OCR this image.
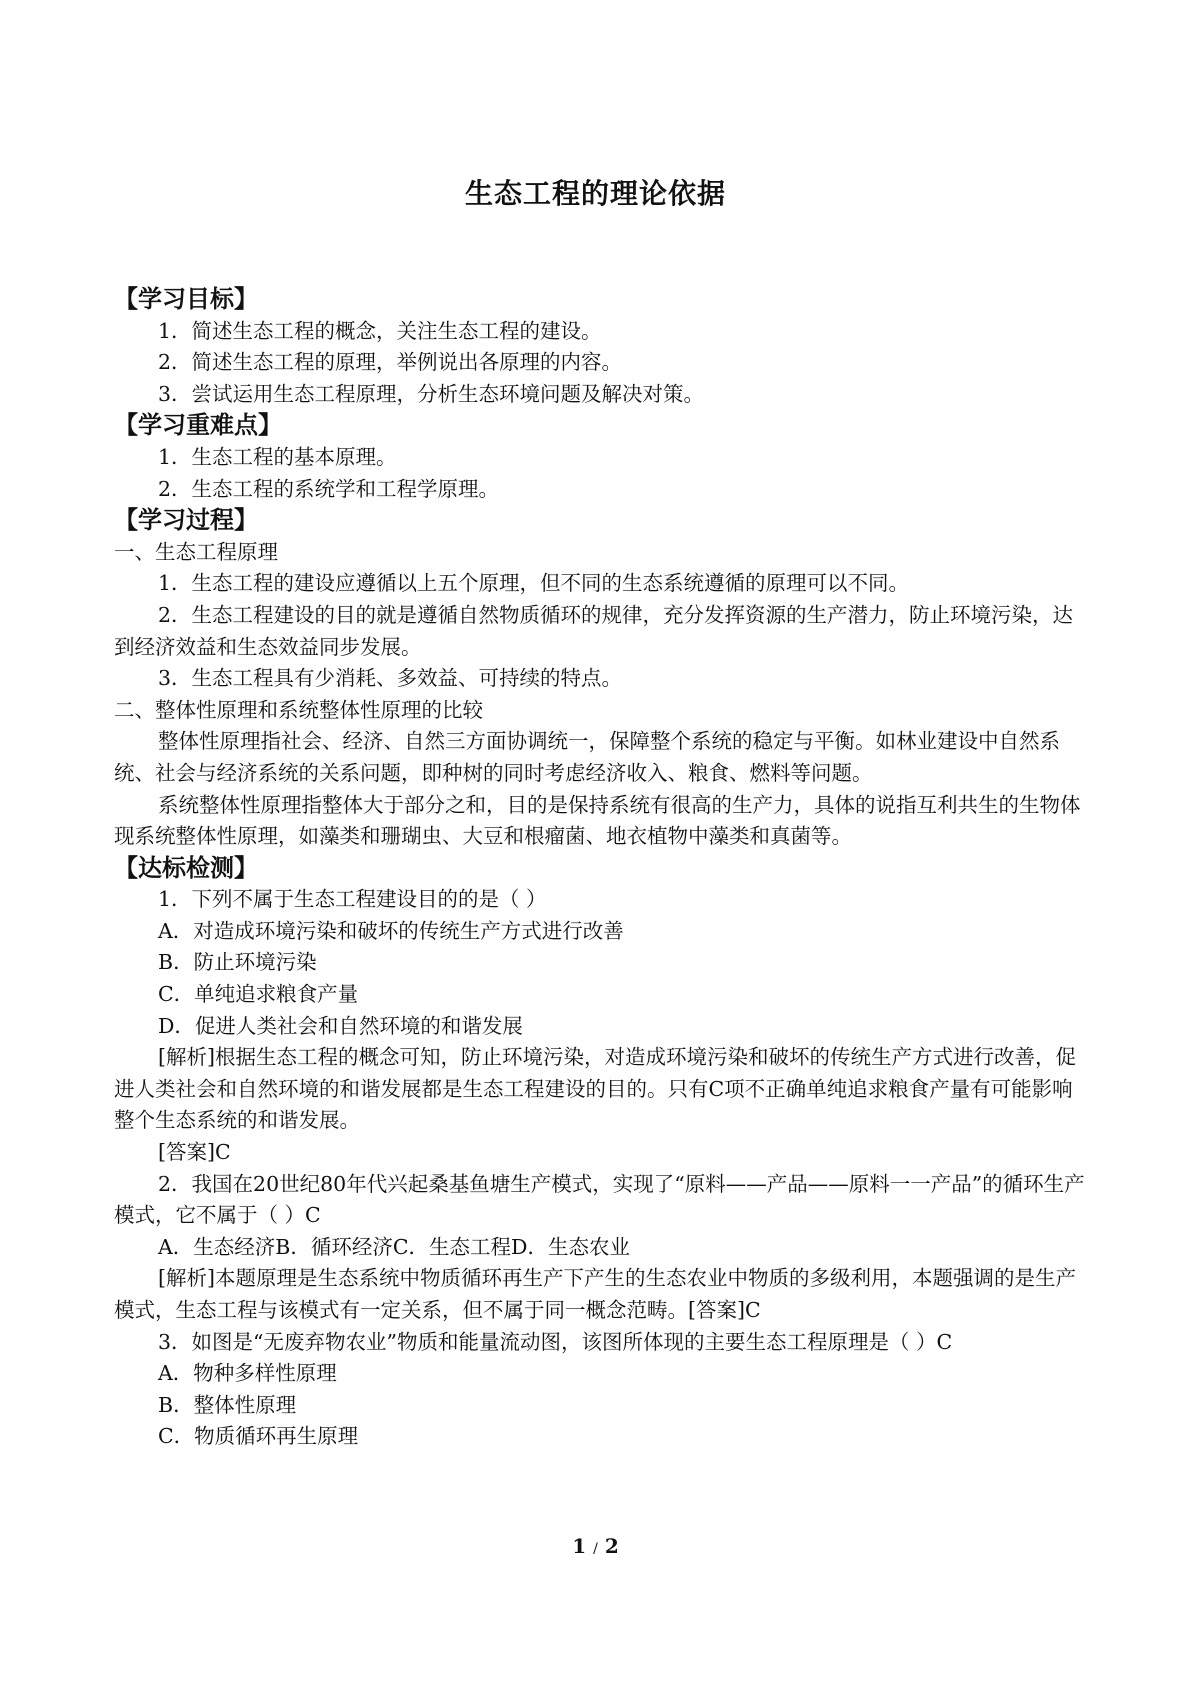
生态工程的理论依据

【学习目标】

1．简述生态工程的概念，关注生态工程的建设。

2．简述生态工程的原理，举例说出各原理的内容。

3．尝试运用生态工程原理，分析生态环境问题及解决对策。

【学习重难点】

1．生态工程的基本原理。

2．生态工程的系统学和工程学原理。

【学习过程】

一、生态工程原理

1．生态工程的建设应遵循以上五个原理，但不同的生态系统遵循的原理可以不同。

2．生态工程建设的目的就是遵循自然物质循环的规律，充分发挥资源的生产潜力，防止环境污染，达到经济效益和生态效益同步发展。

3．生态工程具有少消耗、多效益、可持续的特点。

二、整体性原理和系统整体性原理的比较

整体性原理指社会、经济、自然三方面协调统一，保障整个系统的稳定与平衡。如林业建设中自然系统、社会与经济系统的关系问题，即种树的同时考虑经济收入、粮食、燃料等问题。

系统整体性原理指整体大于部分之和，目的是保持系统有很高的生产力，具体的说指互利共生的生物体现系统整体性原理，如藻类和珊瑚虫、大豆和根瘤菌、地衣植物中藻类和真菌等。

【达标检测】

1．下列不属于生态工程建设目的的是（ ）

A．对造成环境污染和破坏的传统生产方式进行改善

B．防止环境污染

C．单纯追求粮食产量

D．促进人类社会和自然环境的和谐发展

[解析]根据生态工程的概念可知，防止环境污染，对造成环境污染和破坏的传统生产方式进行改善，促进人类社会和自然环境的和谐发展都是生态工程建设的目的。只有C项不正确单纯追求粮食产量有可能影响整个生态系统的和谐发展。

[答案]C

2．我国在20世纪80年代兴起桑基鱼塘生产模式，实现了“原料——产品——原料一一产品”的循环生产模式，它不属于（ ）C

A．生态经济B．循环经济C．生态工程D．生态农业

[解析]本题原理是生态系统中物质循环再生产下产生的生态农业中物质的多级利用，本题强调的是生产模式，生态工程与该模式有一定关系，但不属于同一概念范畴。[答案]C

3．如图是“无废弃物农业”物质和能量流动图，该图所体现的主要生态工程原理是（ ）C

A．物种多样性原理

B．整体性原理

C．物质循环再生原理

1 / 2
